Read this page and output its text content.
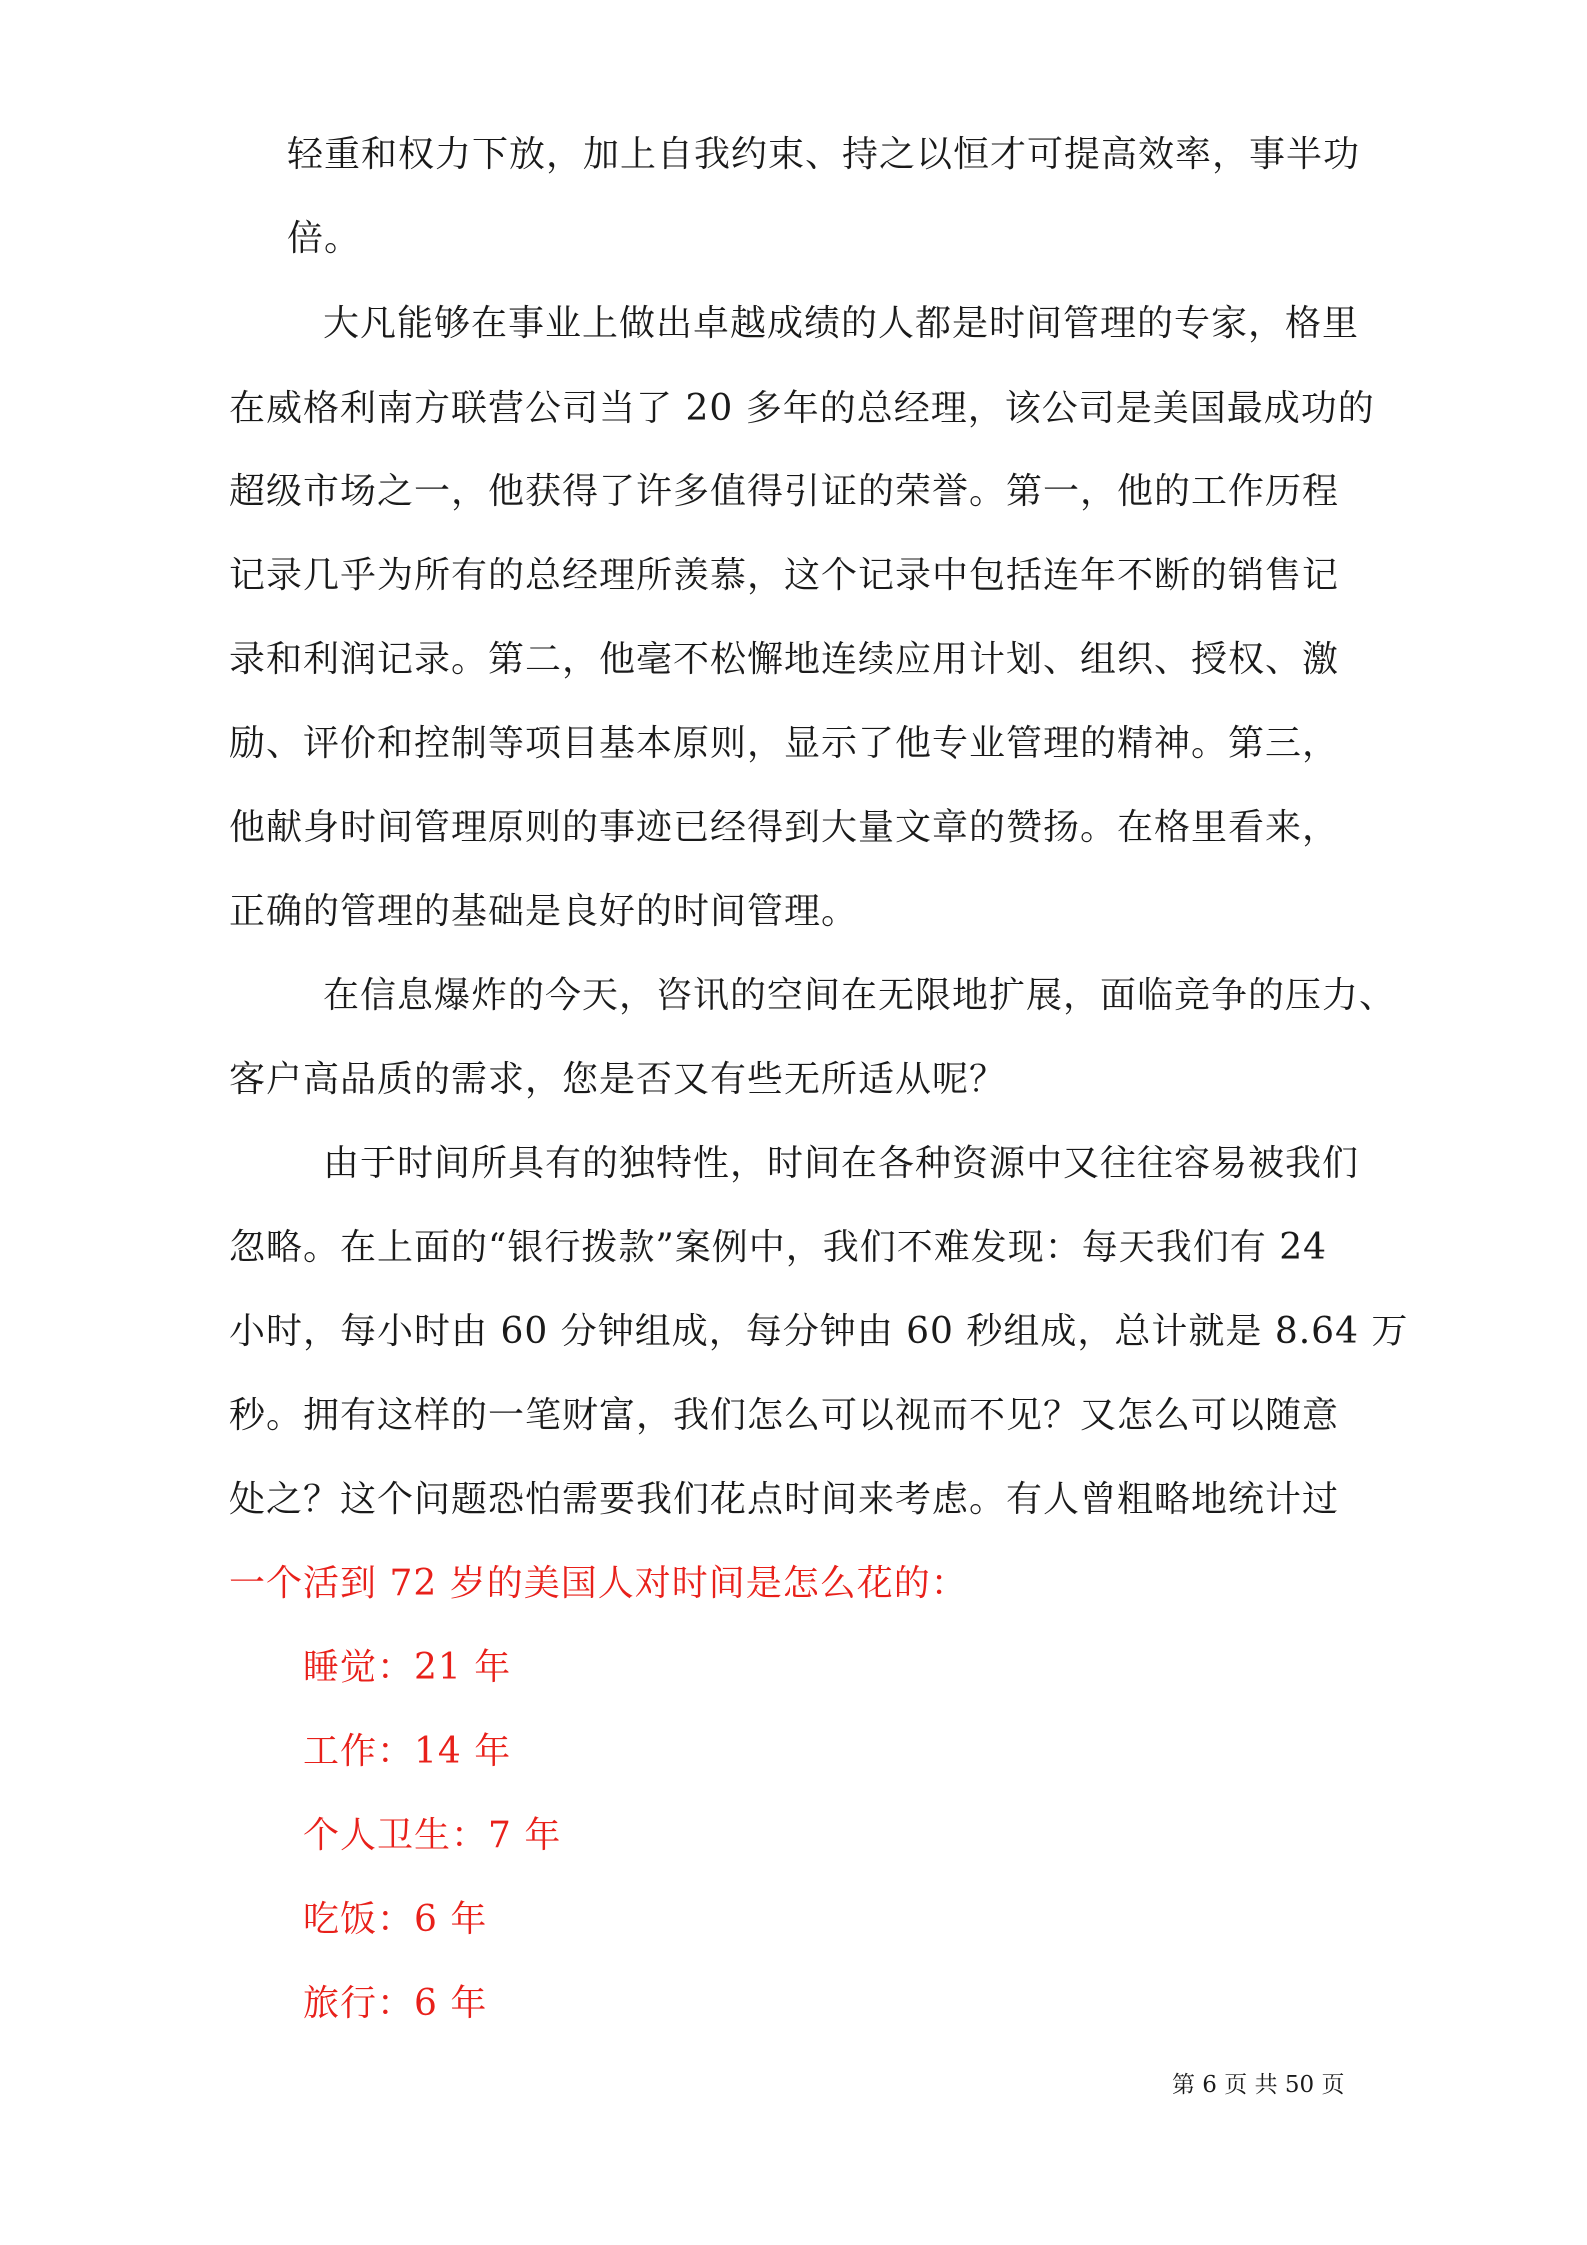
轻重和权力下放，加上自我约束、持之以恒才可提高效率，事半功
倍。
大凡能够在事业上做出卓越成绩的人都是时间管理的专家，格里
在威格利南方联营公司当了 20 多年的总经理，该公司是美国最成功的
超级市场之一，他获得了许多值得引证的荣誉。第一，他的工作历程
记录几乎为所有的总经理所羡慕，这个记录中包括连年不断的销售记
录和利润记录。第二，他毫不松懈地连续应用计划、组织、授权、激
励、评价和控制等项目基本原则，显示了他专业管理的精神。第三，
他献身时间管理原则的事迹已经得到大量文章的赞扬。在格里看来，
正确的管理的基础是良好的时间管理。
在信息爆炸的今天，咨讯的空间在无限地扩展，面临竞争的压力、
客户高品质的需求，您是否又有些无所适从呢？
由于时间所具有的独特性，时间在各种资源中又往往容易被我们
忽略。在上面的“银行拨款”案例中，我们不难发现：每天我们有 24
小时，每小时由 60 分钟组成，每分钟由 60 秒组成，总计就是 8.64 万
秒。拥有这样的一笔财富，我们怎么可以视而不见？又怎么可以随意
处之？这个问题恐怕需要我们花点时间来考虑。有人曾粗略地统计过
一个活到 72 岁的美国人对时间是怎么花的：
睡觉：21 年
工作：14 年
个人卫生：7 年
吃饭：6 年
旅行：6 年
第 6 页 共 50 页
